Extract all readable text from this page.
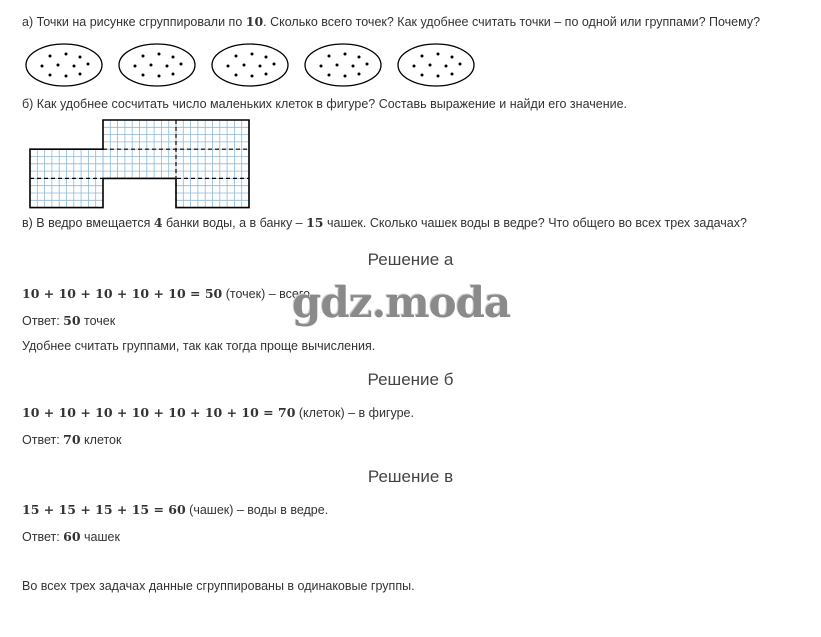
а) Точки на рисунке сгруппировали по 10. Сколько всего точек? Как удобнее считать точки – по одной или группами? Почему?
б) Как удобнее сосчитать число маленьких клеток в фигуре? Составь выражение и найди его значение.
в) В ведро вмещается 4 банки воды, а в банку – 15 чашек. Сколько чашек воды в ведре? Что общего во всех трех задачах?
Решение а
10 + 10 + 10 + 10 + 10 = 50 (точек) – всего.
Ответ: 50 точек
Удобнее считать группами, так как тогда проще вычисления.
Решение б
10 + 10 + 10 + 10 + 10 + 10 + 10 = 70 (клеток) – в фигуре.
Ответ: 70 клеток
Решение в
15 + 15 + 15 + 15 = 60 (чашек) – воды в ведре.
Ответ: 60 чашек
Во всех трех задачах данные сгруппированы в одинаковые группы.
gdz.moda
